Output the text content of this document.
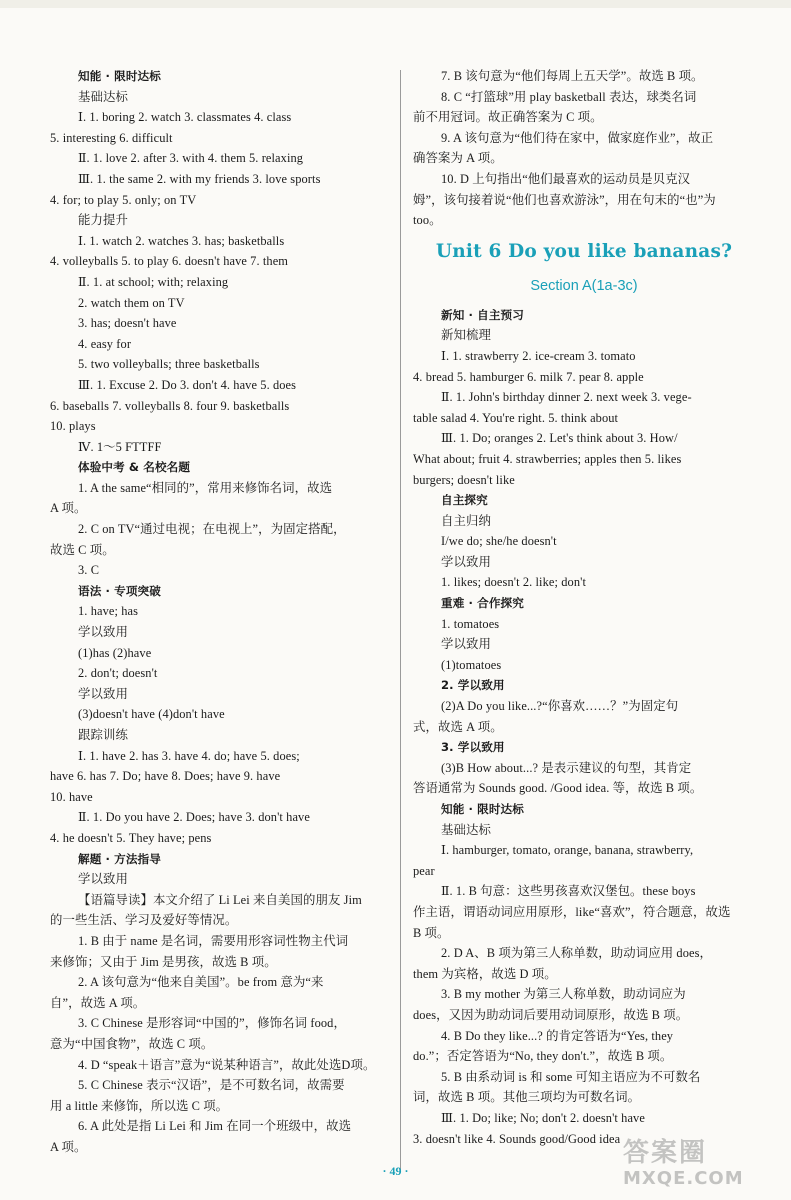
知能 · 限时达标
基础达标
Ⅰ. 1. boring 2. watch 3. classmates 4. class
5. interesting 6. difficult
Ⅱ. 1. love 2. after 3. with 4. them 5. relaxing
Ⅲ. 1. the same 2. with my friends 3. love sports
4. for; to play 5. only; on TV
能力提升
Ⅰ. 1. watch 2. watches 3. has; basketballs
4. volleyballs 5. to play 6. doesn't have 7. them
Ⅱ. 1. at school; with; relaxing
2. watch them on TV
3. has; doesn't have
4. easy for
5. two volleyballs; three basketballs
Ⅲ. 1. Excuse 2. Do 3. don't 4. have 5. does
6. baseballs 7. volleyballs 8. four 9. basketballs
10. plays
Ⅳ. 1～5 FTTFF
体验中考 & 名校名题
1. A the same“相同的”，常用来修饰名词，故选
A 项。
2. C on TV“通过电视；在电视上”，为固定搭配，
故选 C 项。
3. C
语法 · 专项突破
1. have; has
学以致用
(1)has (2)have
2. don't; doesn't
学以致用
(3)doesn't have (4)don't have
跟踪训练
Ⅰ. 1. have 2. has 3. have 4. do; have 5. does;
have 6. has 7. Do; have 8. Does; have 9. have
10. have
Ⅱ. 1. Do you have 2. Does; have 3. don't have
4. he doesn't 5. They have; pens
解题 · 方法指导
学以致用
【语篇导读】本文介绍了 Li Lei 来自美国的朋友 Jim
的一些生活、学习及爱好等情况。
1. B 由于 name 是名词，需要用形容词性物主代词
来修饰；又由于 Jim 是男孩，故选 B 项。
2. A 该句意为“他来自美国”。be from 意为“来
自”，故选 A 项。
3. C Chinese 是形容词“中国的”，修饰名词 food，
意为“中国食物”，故选 C 项。
4. D “speak＋语言”意为“说某种语言”，故此处选D项。
5. C Chinese 表示“汉语”，是不可数名词，故需要
用 a little 来修饰，所以选 C 项。
6. A 此处是指 Li Lei 和 Jim 在同一个班级中，故选
A 项。
7. B 该句意为“他们每周上五天学”。故选 B 项。
8. C “打篮球”用 play basketball 表达，球类名词
前不用冠词。故正确答案为 C 项。
9. A 该句意为“他们待在家中，做家庭作业”，故正
确答案为 A 项。
10. D 上句指出“他们最喜欢的运动员是贝克汉
姆”，该句接着说“他们也喜欢游泳”，用在句末的“也”为
too。
Unit 6 Do you like bananas?
Section A(1a-3c)
新知 · 自主预习
新知梳理
Ⅰ. 1. strawberry 2. ice-cream 3. tomato
4. bread 5. hamburger 6. milk 7. pear 8. apple
Ⅱ. 1. John's birthday dinner 2. next week 3. vege-
table salad 4. You're right. 5. think about
Ⅲ. 1. Do; oranges 2. Let's think about 3. How/
What about; fruit 4. strawberries; apples then 5. likes
burgers; doesn't like
自主探究
自主归纳
I/we do; she/he doesn't
学以致用
1. likes; doesn't 2. like; don't
重难 · 合作探究
1. tomatoes
学以致用
(1)tomatoes
2. 学以致用
(2)A Do you like...?“你喜欢……？”为固定句
式，故选 A 项。
3. 学以致用
(3)B How about...? 是表示建议的句型，其肯定
答语通常为 Sounds good. /Good idea. 等，故选 B 项。
知能 · 限时达标
基础达标
Ⅰ. hamburger, tomato, orange, banana, strawberry,
pear
Ⅱ. 1. B 句意：这些男孩喜欢汉堡包。these boys
作主语，谓语动词应用原形，like“喜欢”，符合题意，故选
B 项。
2. D A、B 项为第三人称单数，助动词应用 does，
them 为宾格，故选 D 项。
3. B my mother 为第三人称单数，助动词应为
does，又因为助动词后要用动词原形，故选 B 项。
4. B Do they like...? 的肯定答语为“Yes, they
do.”；否定答语为“No, they don't.”，故选 B 项。
5. B 由系动词 is 和 some 可知主语应为不可数名
词，故选 B 项。其他三项均为可数名词。
Ⅲ. 1. Do; like; No; don't 2. doesn't have
3. doesn't like 4. Sounds good/Good idea
· 49 ·
答案圈
MXQE.COM
